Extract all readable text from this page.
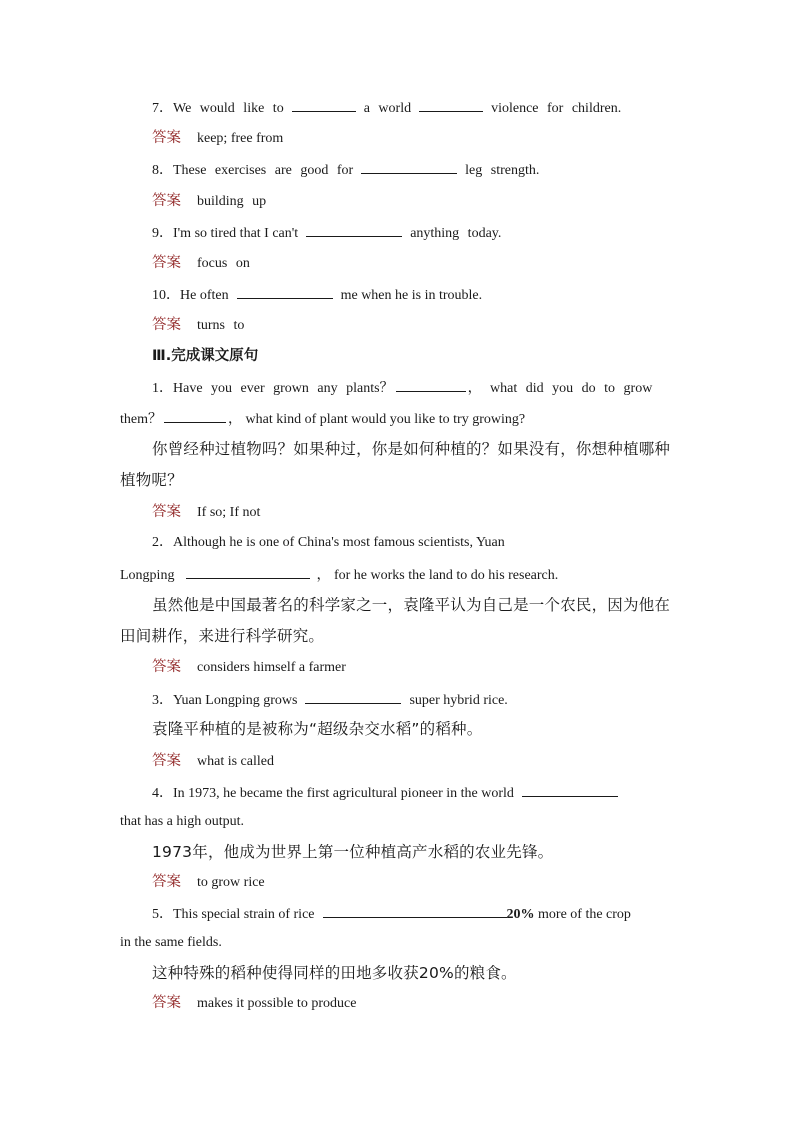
7．We would like to	a world	violence for children.
答案 keep; free from
8．These exercises are good for	leg strength.
答案 building up
9．I'm so tired that I can't	anything today.
答案 focus on
10．He often	me when he is in trouble.
答案 turns to
Ⅲ.完成课文原句
1．Have you ever grown any plants？	， what did you do to grow
them？	， what kind of plant would you like to try growing?
你曾经种过植物吗？如果种过，你是如何种植的？如果没有，你想种植哪种
植物呢？
答案 If so; If not
2．Although he is one of China's most famous scientists, Yuan
Longping	， for he works the land to do his research.
虽然他是中国最著名的科学家之一，袁隆平认为自己是一个农民，因为他在
田间耕作，来进行科学研究。
答案 considers himself a farmer
3．Yuan Longping grows	super hybrid rice.
袁隆平种植的是被称为“超级杂交水稻”的稻种。
答案 what is called
4．In 1973, he became the first agricultural pioneer in the world
that has a high output.
1973年，他成为世界上第一位种植高产水稻的农业先锋。
答案 to grow rice
5．This special strain of rice	20% more of the crop
in the same fields.
这种特殊的稻种使得同样的田地多收获20%的粮食。
答案 makes it possible to produce
